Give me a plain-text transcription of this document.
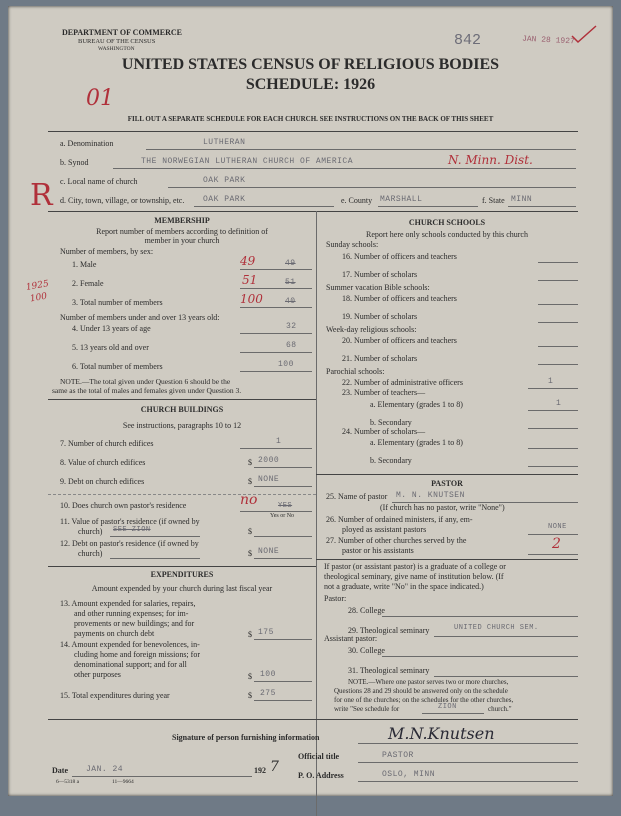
DEPARTMENT OF COMMERCE
BUREAU OF THE CENSUS
WASHINGTON	842	JAN 28 1927
UNITED STATES CENSUS OF RELIGIOUS BODIES
SCHEDULE: 1926
01
FILL OUT A SEPARATE SCHEDULE FOR EACH CHURCH. SEE INSTRUCTIONS ON THE BACK OF THIS SHEET
a. Denomination	LUTHERAN
b. Synod	THE NORWEGIAN LUTHERAN CHURCH OF AMERICA	N. Minn. Dist.
c. Local name of church	OAK PARK
R d. City, town, village, or township, etc. OAK PARK	e. County MARSHALL	f. State MINN
MEMBERSHIP
Report number of members according to definition of
member in your church
Number of members, by sex:
1. Male	49	49
2. Female	51	51
3. Total number of members	100	40
1925
100
Number of members under and over 13 years old:
4. Under 13 years of age	32
5. 13 years old and over	68
6. Total number of members	100
NOTE.—The total given under Question 6 should be the
same as the total of males and females given under Question 3.
CHURCH BUILDINGS
See instructions, paragraphs 10 to 12
7. Number of church edifices	1
8. Value of church edifices	$ 2000
9. Debt on church edifices	$ NONE
10. Does church own pastor's residence	no	YES
Yes or No
11. Value of pastor's residence (if owned by
church) SEE ZION	$
12. Debt on pastor's residence (if owned by
church)	$ NONE
EXPENDITURES
Amount expended by your church during last fiscal year
13. Amount expended for salaries, repairs,
and other running expenses; for im-
provements or new buildings; and for
payments on church debt	$ 175
14. Amount expended for benevolences, in-
cluding home and foreign missions; for
denominational support; and for all
other purposes	$ 100
15. Total expenditures during year	$ 275
CHURCH SCHOOLS
Report here only schools conducted by this church
Sunday schools:
16. Number of officers and teachers
17. Number of scholars
Summer vacation Bible schools:
18. Number of officers and teachers
19. Number of scholars
Week-day religious schools:
20. Number of officers and teachers
21. Number of scholars
Parochial schools:
22. Number of administrative officers	1
23. Number of teachers—
a. Elementary (grades 1 to 8)	1
b. Secondary
24. Number of scholars—
a. Elementary (grades 1 to 8)
b. Secondary
PASTOR
25. Name of pastor M. N. KNUTSEN
(If church has no pastor, write "None")
26. Number of ordained ministers, if any, em-
ployed as assistant pastors	NONE
27. Number of other churches served by the
pastor or his assistants	2
If pastor (or assistant pastor) is a graduate of a college or
theological seminary, give name of institution below. (If
not a graduate, write "No" in the space indicated.)
Pastor:
28. College
29. Theological seminary	UNITED CHURCH SEM.
Assistant pastor:
30. College
31. Theological seminary
NOTE.—Where one pastor serves two or more churches,
Questions 28 and 29 should be answered only on the schedule
for one of the churches; on the schedules for the other churches,
write "See schedule for	ZION	church."
Signature of person furnishing information	M.N.Knutsen
Official title	PASTOR
Date JAN. 24	192 7
P. O. Address	OSLO, MINN
6—5318 a	11—9664
